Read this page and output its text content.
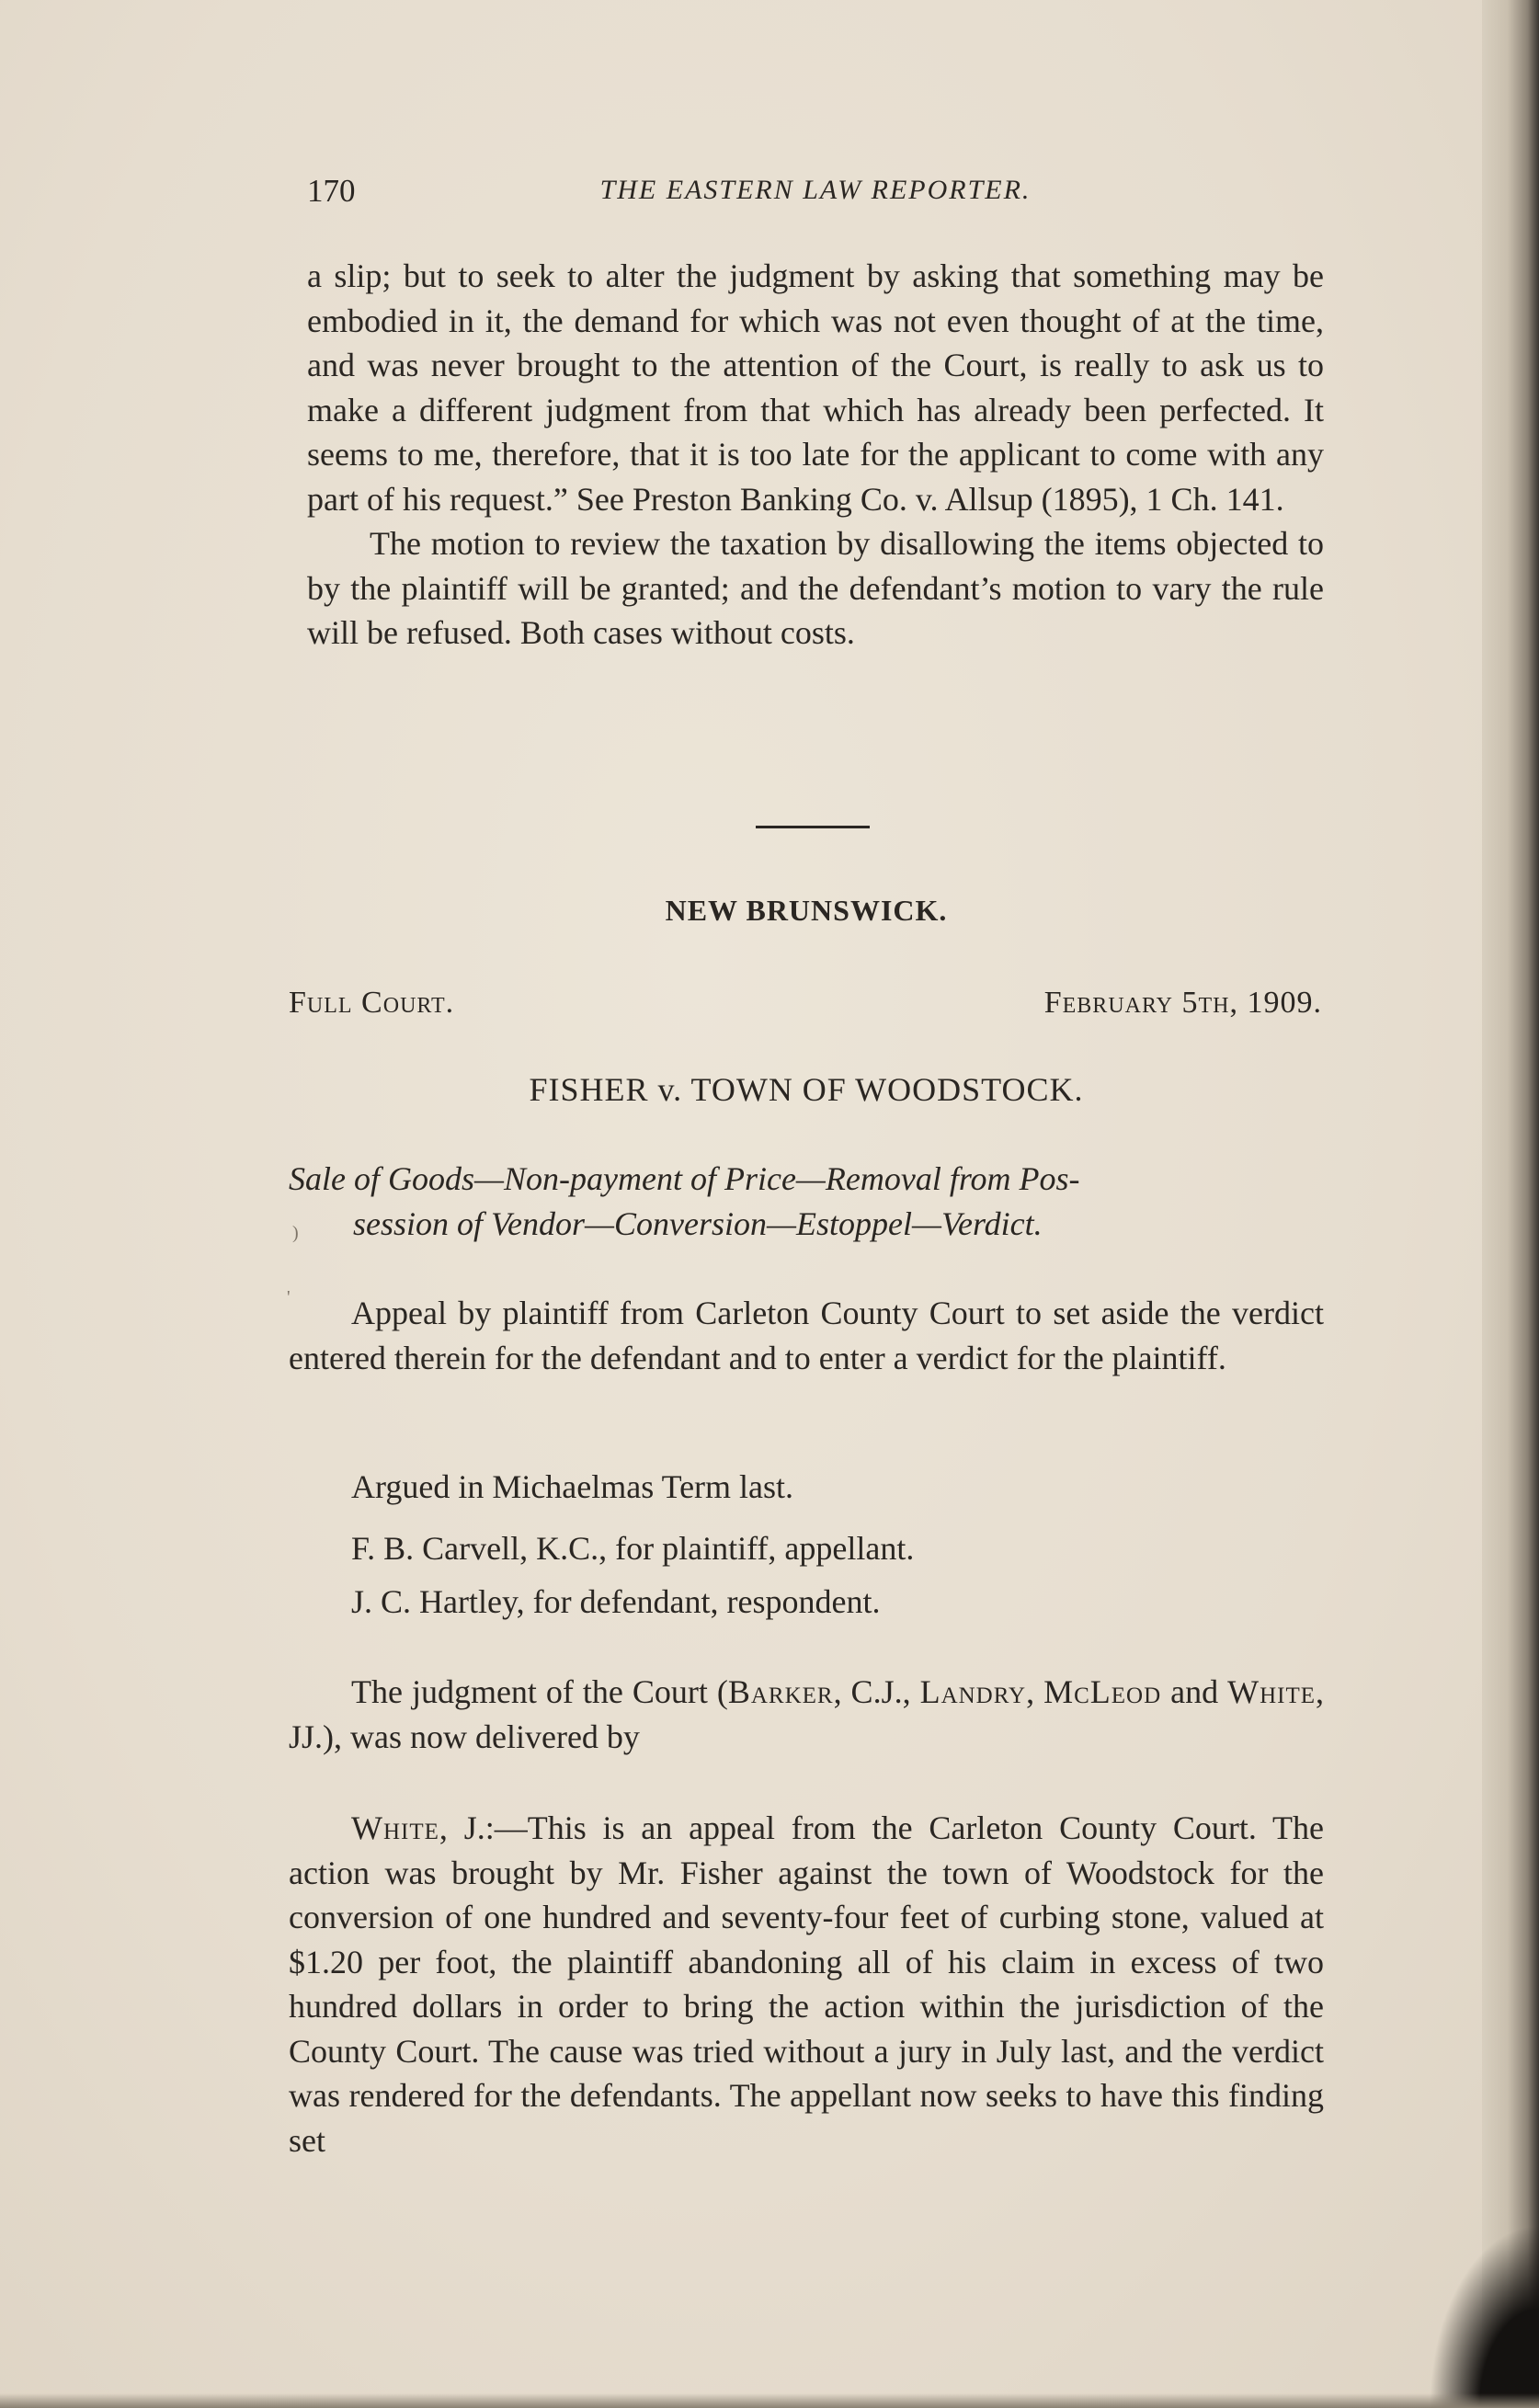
170	THE EASTERN LAW REPORTER.

a slip; but to seek to alter the judgment by asking that something may be embodied in it, the demand for which was not even thought of at the time, and was never brought to the attention of the Court, is really to ask us to make a different judgment from that which has already been perfected. It seems to me, therefore, that it is too late for the applicant to come with any part of his request.” See Preston Banking Co. v. Allsup (1895), 1 Ch. 141.

The motion to review the taxation by disallowing the items objected to by the plaintiff will be granted; and the defendant’s motion to vary the rule will be refused. Both cases without costs.

NEW BRUNSWICK.
Full Court.	February 5th, 1909.
FISHER v. TOWN OF WOODSTOCK.

Sale of Goods—Non-payment of Price—Removal from Pos-

session of Vendor—Conversion—Estoppel—Verdict.

Appeal by plaintiff from Carleton County Court to set aside the verdict entered therein for the defendant and to enter a verdict for the plaintiff.

Argued in Michaelmas Term last.
F. B. Carvell, K.C., for plaintiff, appellant.
J. C. Hartley, for defendant, respondent.

The judgment of the Court (Barker, C.J., Landry, McLeod and White, JJ.), was now delivered by

White, J.:—This is an appeal from the Carleton County Court. The action was brought by Mr. Fisher against the town of Woodstock for the conversion of one hundred and seventy-four feet of curbing stone, valued at $1.20 per foot, the plaintiff abandoning all of his claim in excess of two hundred dollars in order to bring the action within the jurisdiction of the County Court. The cause was tried without a jury in July last, and the verdict was rendered for the defendants. The appellant now seeks to have this finding set

'
)
